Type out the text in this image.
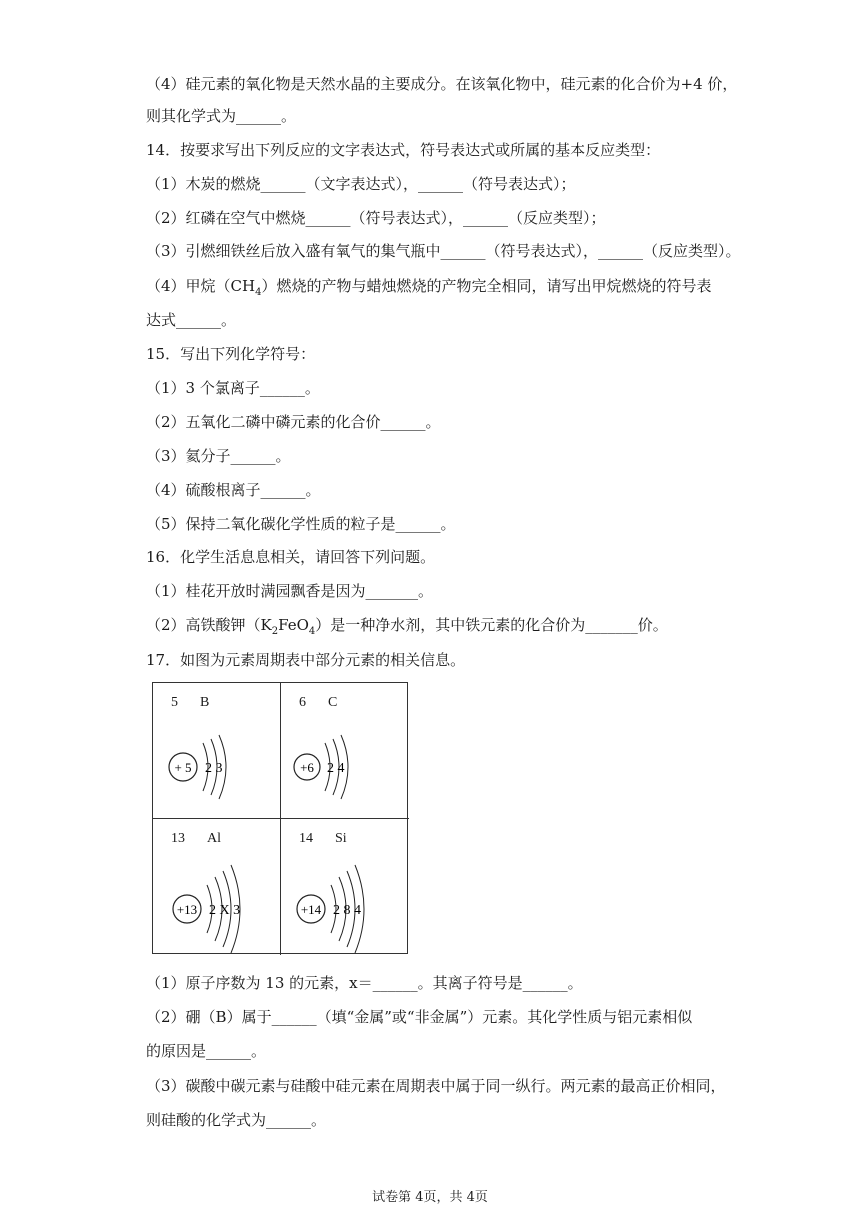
（4）硅元素的氧化物是天然水晶的主要成分。在该氧化物中，硅元素的化合价为+4 价，
则其化学式为______。
14．按要求写出下列反应的文字表达式，符号表达式或所属的基本反应类型：
（1）木炭的燃烧______（文字表达式），______（符号表达式）；
（2）红磷在空气中燃烧______（符号表达式），______（反应类型）；
（3）引燃细铁丝后放入盛有氧气的集气瓶中______（符号表达式），______（反应类型）。
（4）甲烷$(CH_4)$燃烧的产物与蜡烛燃烧的产物完全相同，请写出甲烷燃烧的符号表
达式______。
15．写出下列化学符号：
（1）3 个氯离子______。
（2）五氧化二磷中磷元素的化合价______。
（3）氦分子______。
（4）硫酸根离子______。
（5）保持二氧化碳化学性质的粒子是______。
16．化学生活息息相关，请回答下列问题。
（1）桂花开放时满园飘香是因为_______。
（2）高铁酸钾$(K_2FeO_4)$是一种净水剂，其中铁元素的化合价为_______价。
17．如图为元素周期表中部分元素的相关信息。
5 B
+ 5 2 3
6 C
+6 2 4
13 Al
+13 2 X 3
14 Si
+14 2 8 4
（1）原子序数为 13 的元素，x＝______。其离子符号是______。
（2）硼（B）属于______（填“金属”或“非金属”）元素。其化学性质与铝元素相似
的原因是______。
（3）碳酸中碳元素与硅酸中硅元素在周期表中属于同一纵行。两元素的最高正价相同，
则硅酸的化学式为______。
试卷第 4页，共 4页
